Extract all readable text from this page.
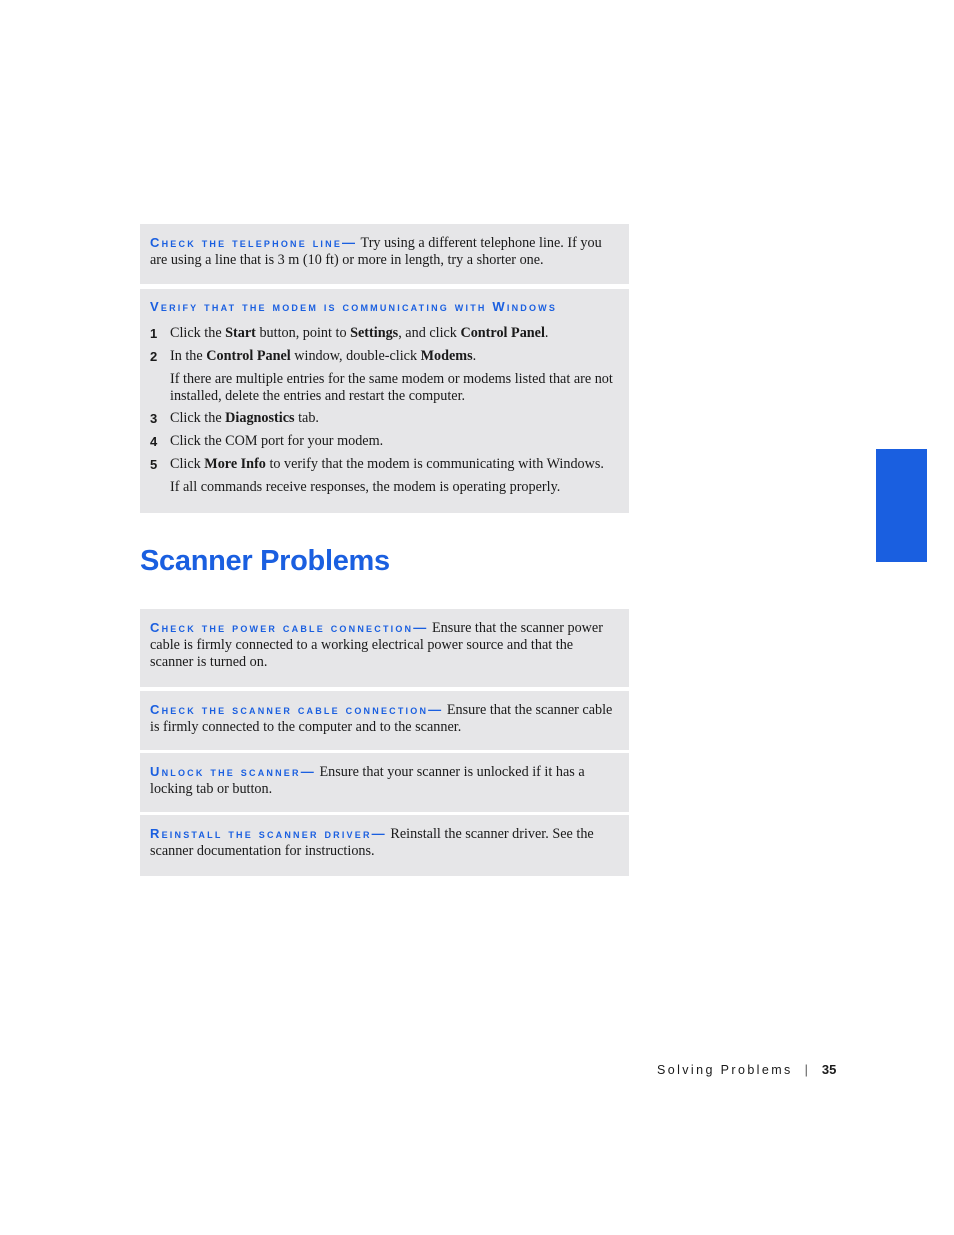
Check the telephone line— Try using a different telephone line. If you are using a line that is 3 m (10 ft) or more in length, try a shorter one.
Verify that the modem is communicating with Windows
1 Click the Start button, point to Settings, and click Control Panel.
2 In the Control Panel window, double-click Modems.
If there are multiple entries for the same modem or modems listed that are not installed, delete the entries and restart the computer.
3 Click the Diagnostics tab.
4 Click the COM port for your modem.
5 Click More Info to verify that the modem is communicating with Windows.
If all commands receive responses, the modem is operating properly.
Scanner Problems
Check the power cable connection— Ensure that the scanner power cable is firmly connected to a working electrical power source and that the scanner is turned on.
Check the scanner cable connection— Ensure that the scanner cable is firmly connected to the computer and to the scanner.
Unlock the scanner— Ensure that your scanner is unlocked if it has a locking tab or button.
Reinstall the scanner driver— Reinstall the scanner driver. See the scanner documentation for instructions.
Solving Problems | 35
